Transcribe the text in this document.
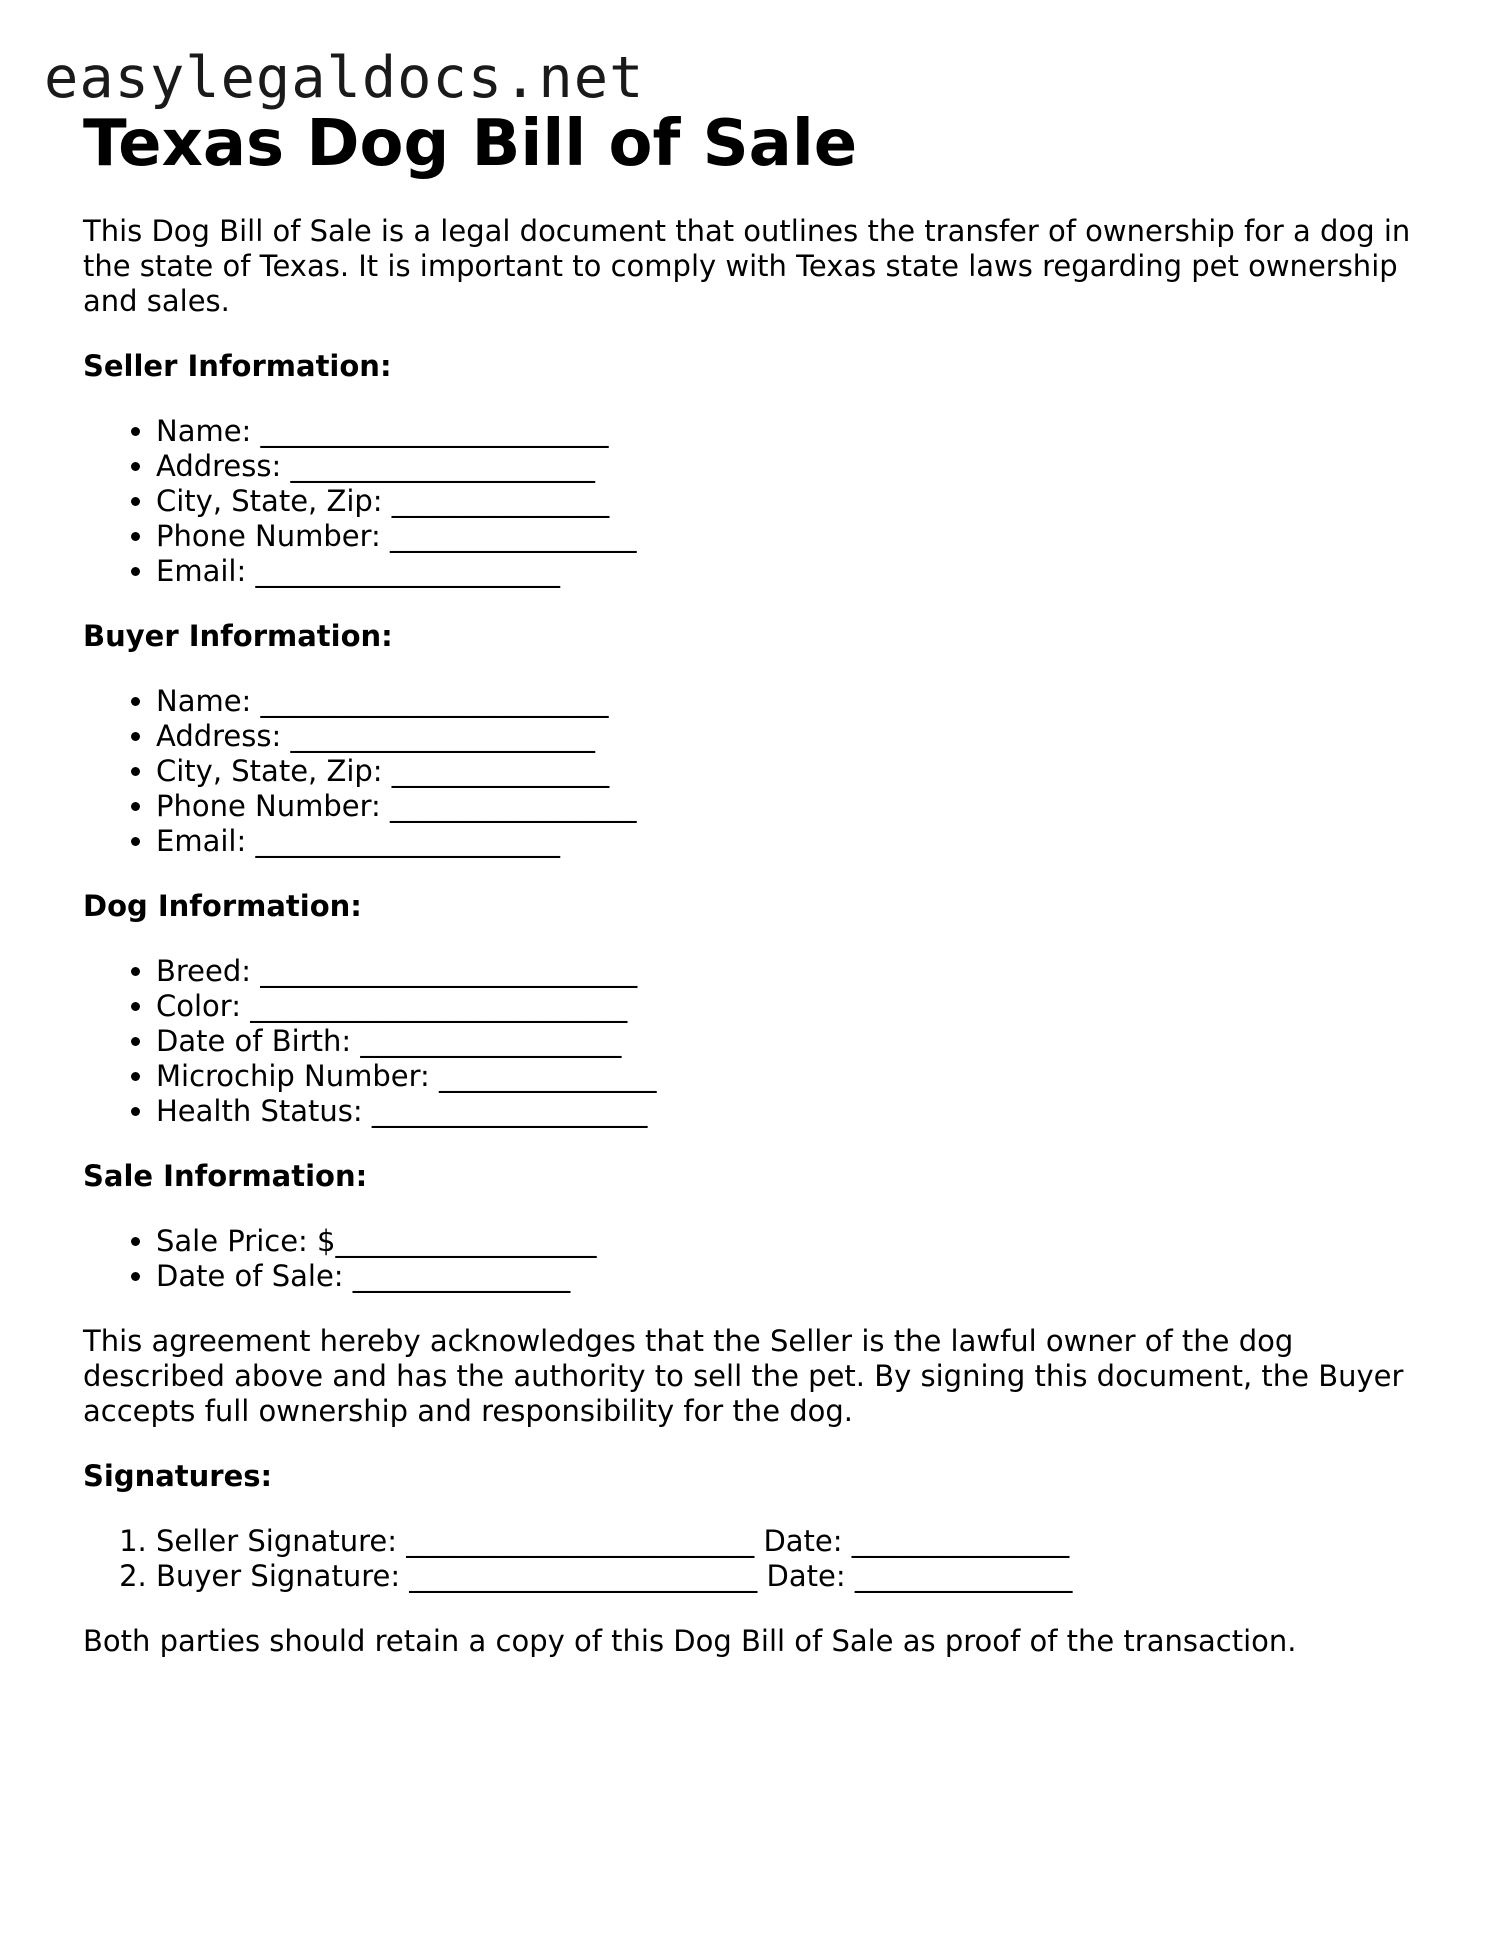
easylegaldocs.net
Texas Dog Bill of Sale

This Dog Bill of Sale is a legal document that outlines the transfer of ownership for a dog in the state of Texas. It is important to comply with Texas state laws regarding pet ownership and sales.

Seller Information:
• Name: ________________________
• Address: _____________________
• City, State, Zip: _______________
• Phone Number: _________________
• Email: _____________________
Buyer Information:
• Name: ________________________
• Address: _____________________
• City, State, Zip: _______________
• Phone Number: _________________
• Email: _____________________
Dog Information:
• Breed: __________________________
• Color: __________________________
• Date of Birth: __________________
• Microchip Number: _______________
• Health Status: ___________________
Sale Information:
• Sale Price: $__________________
• Date of Sale: _______________

This agreement hereby acknowledges that the Seller is the lawful owner of the dog described above and has the authority to sell the pet. By signing this document, the Buyer accepts full ownership and responsibility for the dog.

Signatures:
1. Seller Signature: ________________________ Date: _______________
2. Buyer Signature: ________________________ Date: _______________

Both parties should retain a copy of this Dog Bill of Sale as proof of the transaction.
